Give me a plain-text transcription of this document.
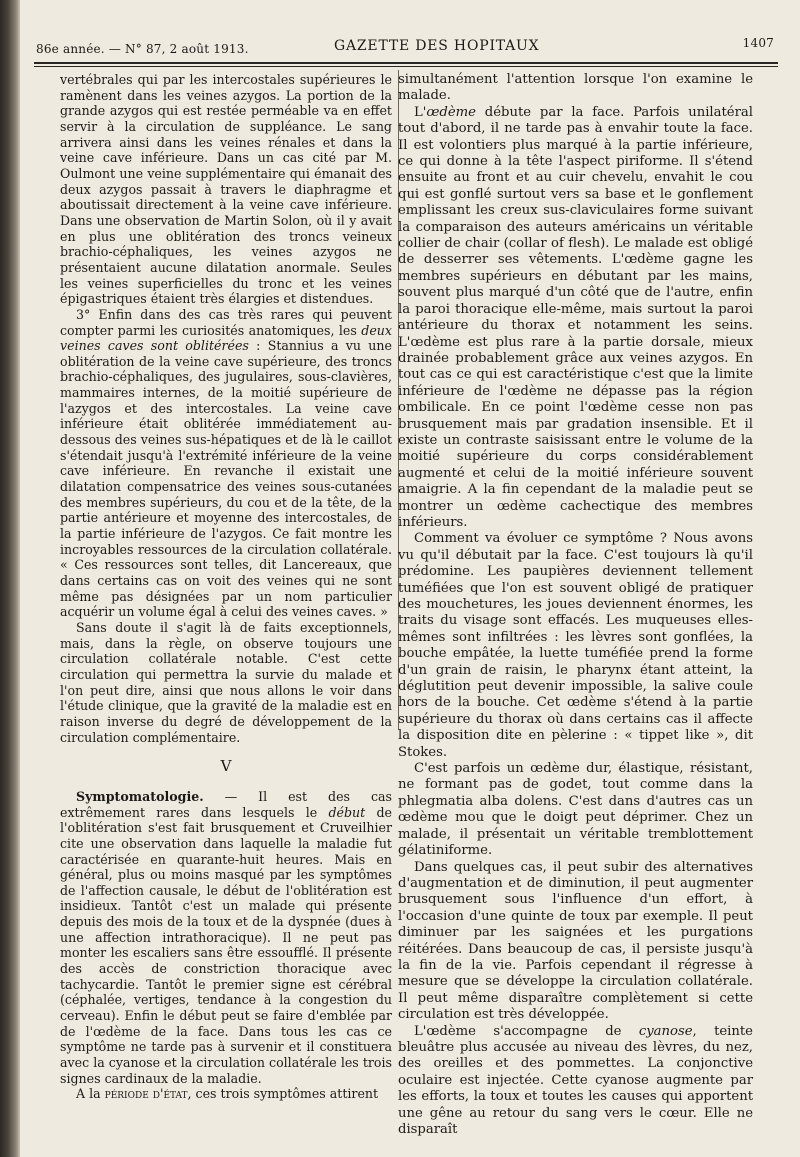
86e année. — N° 87, 2 août 1913.	GAZETTE DES HOPITAUX	1407

vertébrales qui par les intercostales supérieures le ramènent dans les veines azygos. La portion de la grande azygos qui est restée perméable va en effet servir à la circulation de suppléance. Le sang arrivera ainsi dans les veines rénales et dans la veine cave inférieure. Dans un cas cité par M. Oulmont une veine supplémentaire qui émanait des deux azygos passait à travers le diaphragme et aboutissait directement à la veine cave inférieure. Dans une observation de Martin Solon, où il y avait en plus une oblitération des troncs veineux brachio-céphaliques, les veines azygos ne présentaient aucune dilatation anormale. Seules les veines superficielles du tronc et les veines épigastriques étaient très élargies et distendues.

3° Enfin dans des cas très rares qui peuvent compter parmi les curiosités anatomiques, les deux veines caves sont oblitérées : Stannius a vu une oblitération de la veine cave supérieure, des troncs brachio-céphaliques, des jugulaires, sous-clavières, mammaires internes, de la moitié supérieure de l'azygos et des intercostales. La veine cave inférieure était oblitérée immédiatement au-dessous des veines sus-hépatiques et de là le caillot s'étendait jusqu'à l'extrémité inférieure de la veine cave inférieure. En revanche il existait une dilatation compensatrice des veines sous-cutanées des membres supérieurs, du cou et de la tête, de la partie antérieure et moyenne des intercostales, de la partie inférieure de l'azygos. Ce fait montre les incroyables ressources de la circulation collatérale. « Ces ressources sont telles, dit Lancereaux, que dans certains cas on voit des veines qui ne sont même pas désignées par un nom particulier acquérir un volume égal à celui des veines caves. »

Sans doute il s'agit là de faits exceptionnels, mais, dans la règle, on observe toujours une circulation collatérale notable. C'est cette circulation qui permettra la survie du malade et l'on peut dire, ainsi que nous allons le voir dans l'étude clinique, que la gravité de la maladie est en raison inverse du degré de développement de la circulation complémentaire.

V

Symptomatologie. — Il est des cas extrêmement rares dans lesquels le début de l'oblitération s'est fait brusquement et Cruveilhier cite une observation dans laquelle la maladie fut caractérisée en quarante-huit heures. Mais en général, plus ou moins masqué par les symptômes de l'affection causale, le début de l'oblitération est insidieux. Tantôt c'est un malade qui présente depuis des mois de la toux et de la dyspnée (dues à une affection intrathoracique). Il ne peut pas monter les escaliers sans être essoufflé. Il présente des accès de constriction thoracique avec tachycardie. Tantôt le premier signe est cérébral (céphalée, vertiges, tendance à la congestion du cerveau). Enfin le début peut se faire d'emblée par de l'œdème de la face. Dans tous les cas ce symptôme ne tarde pas à survenir et il constituera avec la cyanose et la circulation collatérale les trois signes cardinaux de la maladie.

A la période d'état, ces trois symptômes attirent

simultanément l'attention lorsque l'on examine le malade.

L'œdème débute par la face. Parfois unilatéral tout d'abord, il ne tarde pas à envahir toute la face. Il est volontiers plus marqué à la partie inférieure, ce qui donne à la tête l'aspect piriforme. Il s'étend ensuite au front et au cuir chevelu, envahit le cou qui est gonflé surtout vers sa base et le gonflement emplissant les creux sus-claviculaires forme suivant la comparaison des auteurs américains un véritable collier de chair (collar of flesh). Le malade est obligé de desserrer ses vêtements. L'œdème gagne les membres supérieurs en débutant par les mains, souvent plus marqué d'un côté que de l'autre, enfin la paroi thoracique elle-même, mais surtout la paroi antérieure du thorax et notamment les seins. L'œdème est plus rare à la partie dorsale, mieux drainée probablement grâce aux veines azygos. En tout cas ce qui est caractéristique c'est que la limite inférieure de l'œdème ne dépasse pas la région ombilicale. En ce point l'œdème cesse non pas brusquement mais par gradation insensible. Et il existe un contraste saisissant entre le volume de la moitié supérieure du corps considérablement augmenté et celui de la moitié inférieure souvent amaigrie. A la fin cependant de la maladie peut se montrer un œdème cachectique des membres inférieurs.

Comment va évoluer ce symptôme ? Nous avons vu qu'il débutait par la face. C'est toujours là qu'il prédomine. Les paupières deviennent tellement tuméfiées que l'on est souvent obligé de pratiquer des mouchetures, les joues deviennent énormes, les traits du visage sont effacés. Les muqueuses elles-mêmes sont infiltrées : les lèvres sont gonflées, la bouche empâtée, la luette tuméfiée prend la forme d'un grain de raisin, le pharynx étant atteint, la déglutition peut devenir impossible, la salive coule hors de la bouche. Cet œdème s'étend à la partie supérieure du thorax où dans certains cas il affecte la disposition dite en pèlerine : « tippet like », dit Stokes.

C'est parfois un œdème dur, élastique, résistant, ne formant pas de godet, tout comme dans la phlegmatia alba dolens. C'est dans d'autres cas un œdème mou que le doigt peut déprimer. Chez un malade, il présentait un véritable tremblottement gélatiniforme.

Dans quelques cas, il peut subir des alternatives d'augmentation et de diminution, il peut augmenter brusquement sous l'influence d'un effort, à l'occasion d'une quinte de toux par exemple. Il peut diminuer par les saignées et les purgations réitérées. Dans beaucoup de cas, il persiste jusqu'à la fin de la vie. Parfois cependant il régresse à mesure que se développe la circulation collatérale. Il peut même disparaître complètement si cette circulation est très développée.

L'œdème s'accompagne de cyanose, teinte bleuâtre plus accusée au niveau des lèvres, du nez, des oreilles et des pommettes. La conjonctive oculaire est injectée. Cette cyanose augmente par les efforts, la toux et toutes les causes qui apportent une gêne au retour du sang vers le cœur. Elle ne disparaît
